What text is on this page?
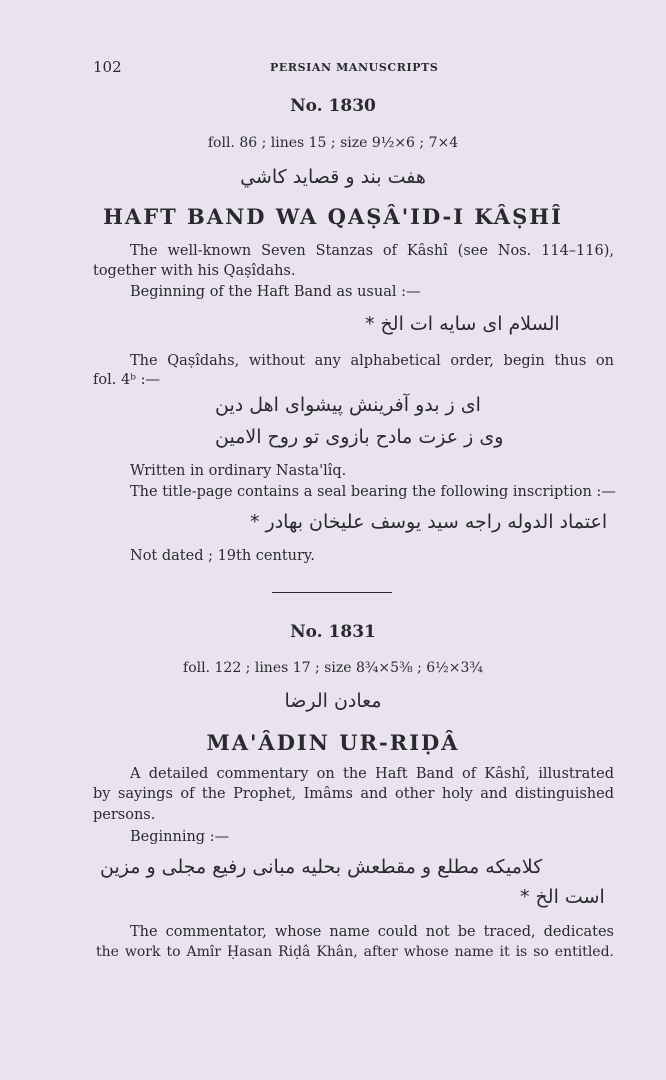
102	PERSIAN MANUSCRIPTS
No. 1830
foll. 86 ; lines 15 ; size 9½×6 ; 7×4
هفت بند و قصايد كاشي
HAFT BAND WA QAṢÂ'ID-I KÂṢHÎ
The well-known Seven Stanzas of Kâshî (see Nos. 114–116),
together with his Qaṣîdahs.
Beginning of the Haft Band as usual :—
السلام اى سايه ات الخ *
The Qaṣîdahs, without any alphabetical order, begin thus on
fol. 4ᵇ :—
اى ز بدو آفرينش پيشواى اهل دين
وى ز عزت مادح بازوى تو روح الامين
Written in ordinary Nasta'lîq.
The title-page contains a seal bearing the following inscription :—
اعتماد الدوله راجه سيد يوسف عليخان بهادر *
Not dated ; 19th century.
No. 1831
foll. 122 ; lines 17 ; size 8¾×5⅜ ; 6½×3¾
معادن الرضا
MA'ÂDIN UR-RIḌÂ
A detailed commentary on the Haft Band of Kâshî, illustrated
by sayings of the Prophet, Imâms and other holy and distinguished
persons.
Beginning :—
كلاميكه مطلع و مقطعش بحليه مبانى رفيع مجلى و مزين
است الخ *
The commentator, whose name could not be traced, dedicates
the work to Amîr Ḥasan Riḍâ Khân, after whose name it is so entitled.
